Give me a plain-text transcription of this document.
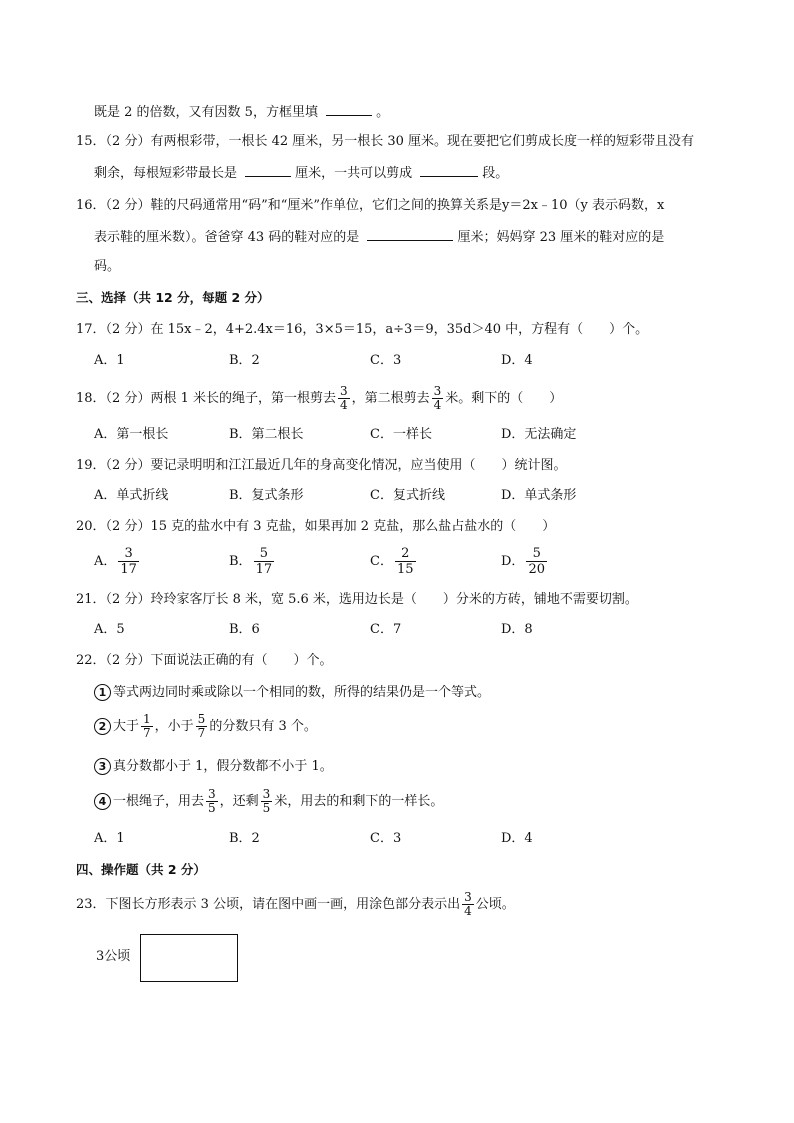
既是 2 的倍数，又有因数 5，方框里填	。
15．（2 分）有两根彩带，一根长 42 厘米，另一根长 30 厘米。现在要把它们剪成长度一样的短彩带且没有
剩余，每根短彩带最长是	厘米，一共可以剪成	段。
16．（2 分）鞋的尺码通常用“码”和“厘米”作单位，它们之间的换算关系是y＝2x﹣10（y 表示码数，x
表示鞋的厘米数）。爸爸穿 43 码的鞋对应的是	厘米；妈妈穿 23 厘米的鞋对应的是
码。
三、选择（共 12 分，每题 2 分）
17．（2 分）在 15x﹣2，4+2.4x＝16，3×5＝15，a÷3＝9，35d＞40 中，方程有（　　）个。
A．1	B．2	C．3	D．4
18．（2 分）两根 1 米长的绳子，第一根剪去 $\frac{3}{4}$ ，第二根剪去 $\frac{3}{4}$ 米。剩下的（　　）
A．第一根长	B．第二根长	C．一样长	D．无法确定
19．（2 分）要记录明明和江江最近几年的身高变化情况，应当使用（　　）统计图。
A．单式折线	B．复式条形	C．复式折线	D．单式条形
20．（2 分）15 克的盐水中有 3 克盐，如果再加 2 克盐，那么盐占盐水的（　　）
A． $\frac{3}{17}$	B． $\frac{5}{17}$	C． $\frac{2}{15}$	D． $\frac{5}{20}$
21．（2 分）玲玲家客厅长 8 米，宽 5.6 米，选用边长是（　　）分米的方砖，铺地不需要切割。
A．5	B．6	C．7	D．8
22．（2 分）下面说法正确的有（　　）个。
1 等式两边同时乘或除以一个相同的数，所得的结果仍是一个等式。
2 大于 $\frac{1}{7}$ ，小于 $\frac{5}{7}$ 的分数只有 3 个。
3 真分数都小于 1，假分数都不小于 1。
4 一根绳子，用去 $\frac{3}{5}$ ，还剩 $\frac{3}{5}$ 米，用去的和剩下的一样长。
A．1	B．2	C．3	D．4
四、操作题（共 2 分）
23．下图长方形表示 3 公顷，请在图中画一画，用涂色部分表示出 $\frac{3}{4}$ 公顷。
3公顷
